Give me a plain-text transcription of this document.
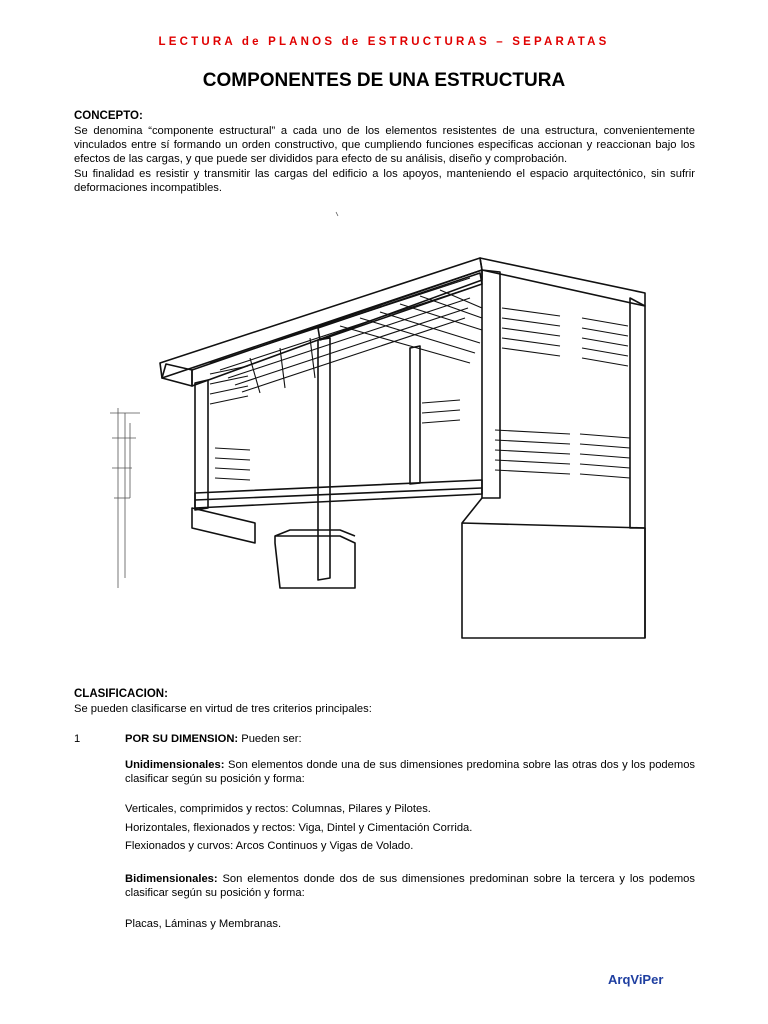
LECTURA de PLANOS de ESTRUCTURAS – SEPARATAS
COMPONENTES DE UNA ESTRUCTURA
CONCEPTO:
Se denomina “componente estructural” a cada uno de los elementos resistentes de una estructura, convenientemente vinculados entre sí formando un orden constructivo, que cumpliendo funciones especificas accionan y reaccionan bajo los efectos de las cargas, y que puede ser divididos para efecto de su análisis, diseño y comprobación.
Su finalidad es resistir y transmitir las cargas del edificio a los apoyos, manteniendo el espacio arquitectónico, sin sufrir deformaciones incompatibles.
CLASIFICACION:
Se pueden clasificarse en virtud de tres criterios principales:
1	POR SU DIMENSION: Pueden ser:
Unidimensionales: Son elementos donde una de sus dimensiones predomina sobre las otras dos y los podemos clasificar según su posición y forma:
Verticales, comprimidos y rectos: Columnas, Pilares y Pilotes.
Horizontales, flexionados y rectos: Viga, Dintel y Cimentación Corrida.
Flexionados y curvos: Arcos Continuos y Vigas de Volado.
Bidimensionales: Son elementos donde dos de sus dimensiones predominan sobre la tercera y los podemos clasificar según su posición y forma:
Placas, Láminas y Membranas.
ArqViPer
